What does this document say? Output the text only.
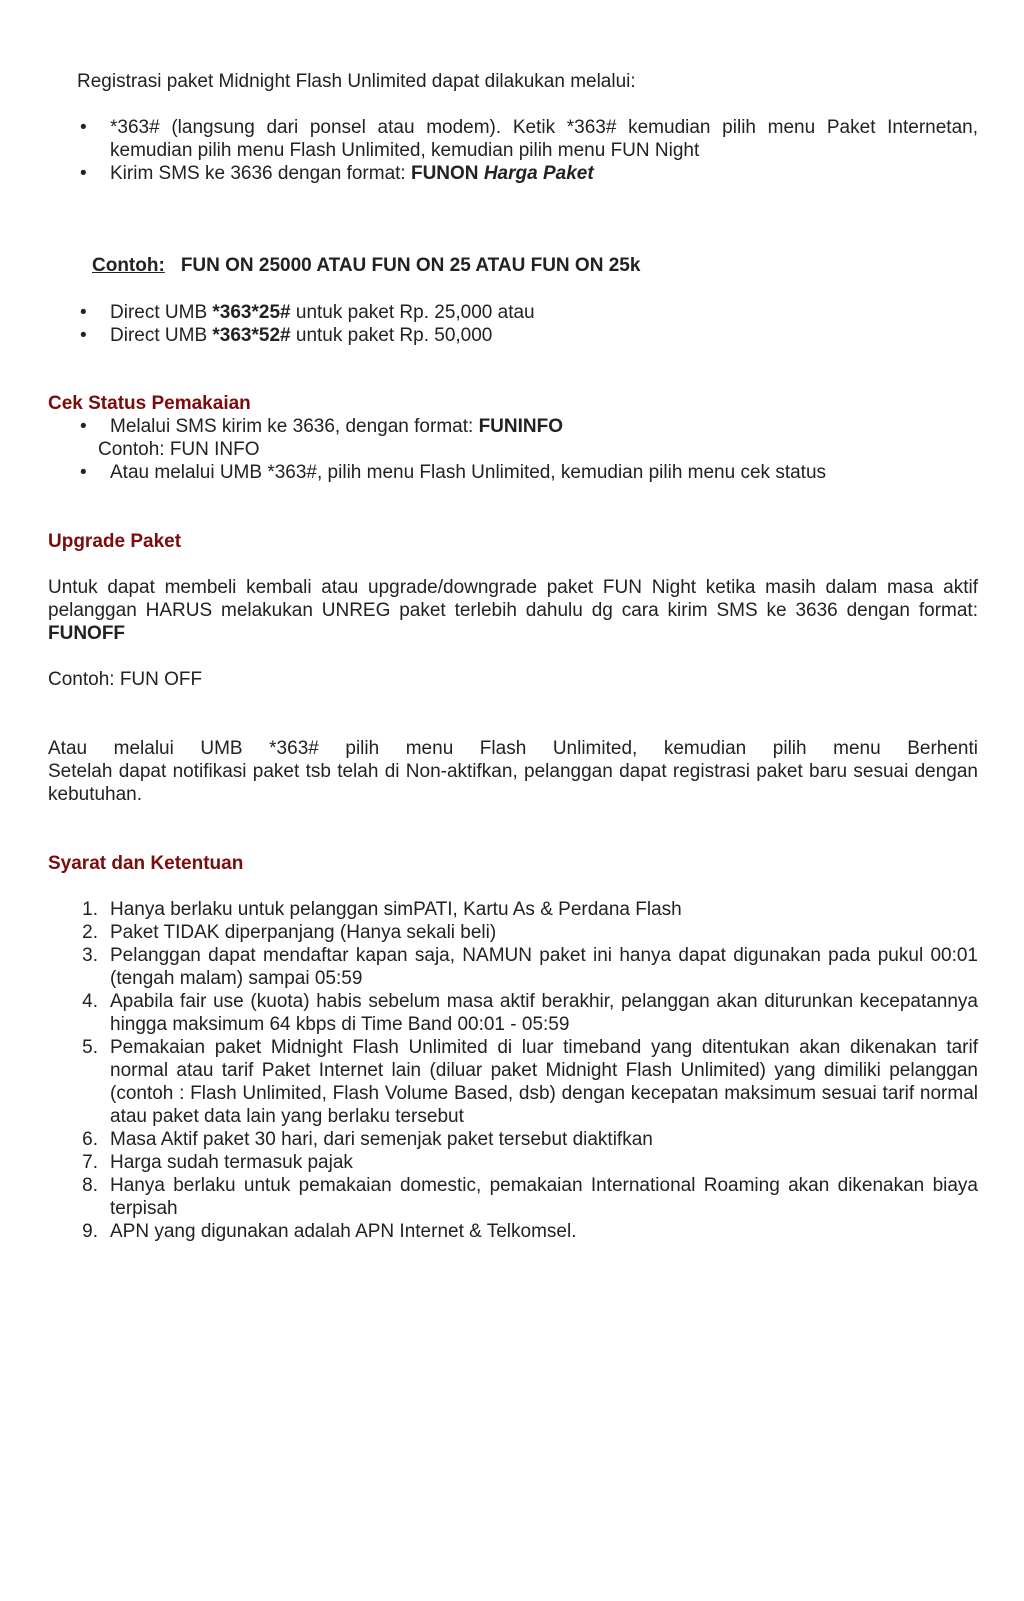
Registrasi paket Midnight Flash Unlimited dapat dilakukan melalui:
•	*363# (langsung dari ponsel atau modem). Ketik *363# kemudian pilih menu Paket Internetan, kemudian pilih menu Flash Unlimited, kemudian pilih menu FUN Night
•	Kirim SMS ke 3636 dengan format: FUNON Harga Paket
Contoh: FUN ON 25000 ATAU FUN ON 25 ATAU FUN ON 25k
•	Direct UMB *363*25# untuk paket Rp. 25,000 atau
•	Direct UMB *363*52# untuk paket Rp. 50,000
Cek Status Pemakaian
•	Melalui SMS kirim ke 3636, dengan format: FUNINFO
Contoh: FUN INFO
•	Atau melalui UMB *363#, pilih menu Flash Unlimited, kemudian pilih menu cek status
Upgrade Paket
Untuk dapat membeli kembali atau upgrade/downgrade paket FUN Night ketika masih dalam masa aktif pelanggan HARUS melakukan UNREG paket terlebih dahulu dg cara kirim SMS ke 3636 dengan format: FUNOFF
Contoh: FUN OFF
Atau melalui UMB *363# pilih menu Flash Unlimited, kemudian pilih menu Berhenti
Setelah dapat notifikasi paket tsb telah di Non-aktifkan, pelanggan dapat registrasi paket baru sesuai dengan kebutuhan.
Syarat dan Ketentuan
1. Hanya berlaku untuk pelanggan simPATI, Kartu As & Perdana Flash
2. Paket TIDAK diperpanjang (Hanya sekali beli)
3. Pelanggan dapat mendaftar kapan saja, NAMUN paket ini hanya dapat digunakan pada pukul 00:01 (tengah malam) sampai 05:59
4. Apabila fair use (kuota) habis sebelum masa aktif berakhir, pelanggan akan diturunkan kecepatannya hingga maksimum 64 kbps di Time Band 00:01 - 05:59
5. Pemakaian paket Midnight Flash Unlimited di luar timeband yang ditentukan akan dikenakan tarif normal atau tarif Paket Internet lain (diluar paket Midnight Flash Unlimited) yang dimiliki pelanggan (contoh : Flash Unlimited, Flash Volume Based, dsb) dengan kecepatan maksimum sesuai tarif normal atau paket data lain yang berlaku tersebut
6. Masa Aktif paket 30 hari, dari semenjak paket tersebut diaktifkan
7. Harga sudah termasuk pajak
8. Hanya berlaku untuk pemakaian domestic, pemakaian International Roaming akan dikenakan biaya terpisah
9. APN yang digunakan adalah APN Internet & Telkomsel.
